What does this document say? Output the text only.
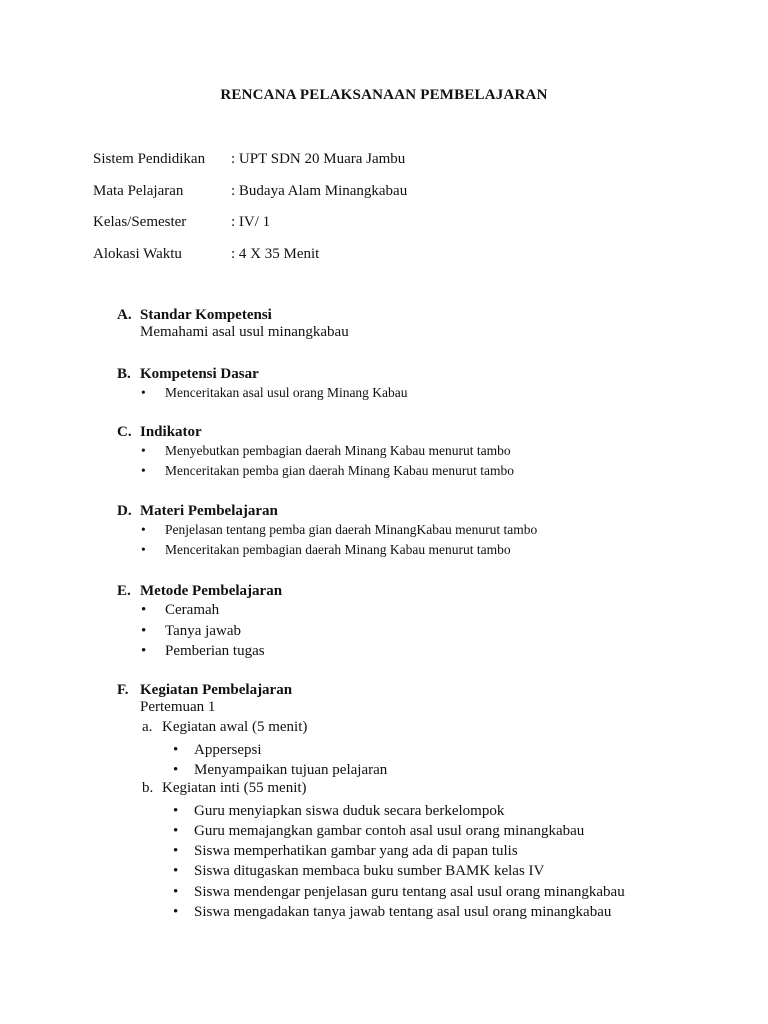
RENCANA PELAKSANAAN PEMBELAJARAN
Sistem Pendidikan : UPT SDN 20 Muara Jambu
Mata Pelajaran	: Budaya Alam Minangkabau
Kelas/Semester	: IV/ 1
Alokasi Waktu	: 4 X 35 Menit
A. Standar Kompetensi
Memahami asal usul minangkabau
B. Kompetensi Dasar
• Menceritakan asal usul orang Minang Kabau
C. Indikator
• Menyebutkan pembagian daerah Minang Kabau menurut tambo
• Menceritakan pemba gian daerah Minang Kabau menurut tambo
D. Materi Pembelajaran
• Penjelasan tentang pemba gian daerah MinangKabau menurut tambo
• Menceritakan pembagian daerah Minang Kabau menurut tambo
E. Metode Pembelajaran
• Ceramah
• Tanya jawab
• Pemberian tugas
F. Kegiatan Pembelajaran
Pertemuan 1
a. Kegiatan awal (5 menit)
• Appersepsi
• Menyampaikan tujuan pelajaran
b. Kegiatan inti (55 menit)
• Guru menyiapkan siswa duduk secara berkelompok
• Guru memajangkan gambar contoh asal usul orang minangkabau
• Siswa memperhatikan gambar yang ada di papan tulis
• Siswa ditugaskan membaca buku sumber BAMK kelas IV
• Siswa mendengar penjelasan guru tentang asal usul orang minangkabau
• Siswa mengadakan tanya jawab tentang asal usul orang minangkabau
